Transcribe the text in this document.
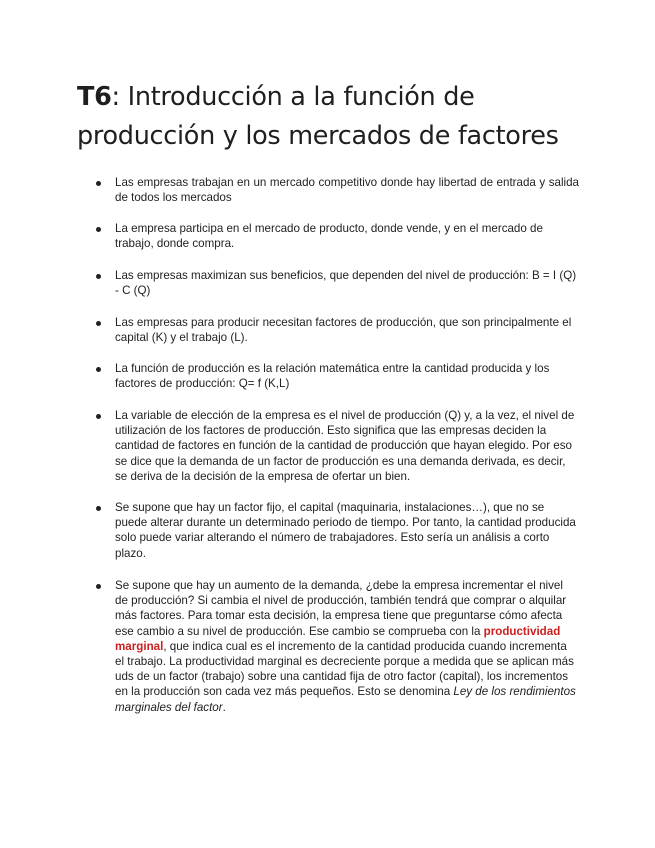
T6: Introducción a la función de producción y los mercados de factores
Las empresas trabajan en un mercado competitivo donde hay libertad de entrada y salida de todos los mercados
La empresa participa en el mercado de producto, donde vende, y en el mercado de trabajo, donde compra.
Las empresas maximizan sus beneficios, que dependen del nivel de producción: B = I (Q) - C (Q)
Las empresas para producir necesitan factores de producción, que son principalmente el capital (K) y el trabajo (L).
La función de producción es la relación matemática entre la cantidad producida y los factores de producción: Q= f (K,L)
La variable de elección de la empresa es el nivel de producción (Q) y, a la vez, el nivel de utilización de los factores de producción. Esto significa que las empresas deciden la cantidad de factores en función de la cantidad de producción que hayan elegido. Por eso se dice que la demanda de un factor de producción es una demanda derivada, es decir, se deriva de la decisión de la empresa de ofertar un bien.
Se supone que hay un factor fijo, el capital (maquinaria, instalaciones…), que no se puede alterar durante un determinado periodo de tiempo. Por tanto, la cantidad producida solo puede variar alterando el número de trabajadores. Esto sería un análisis a corto plazo.
Se supone que hay un aumento de la demanda, ¿debe la empresa incrementar el nivel de producción? Si cambia el nivel de producción, también tendrá que comprar o alquilar más factores. Para tomar esta decisión, la empresa tiene que preguntarse cómo afecta ese cambio a su nivel de producción. Ese cambio se comprueba con la productividad marginal, que indica cual es el incremento de la cantidad producida cuando incrementa el trabajo. La productividad marginal es decreciente porque a medida que se aplican más uds de un factor (trabajo) sobre una cantidad fija de otro factor (capital), los incrementos en la producción son cada vez más pequeños. Esto se denomina Ley de los rendimientos marginales del factor.
